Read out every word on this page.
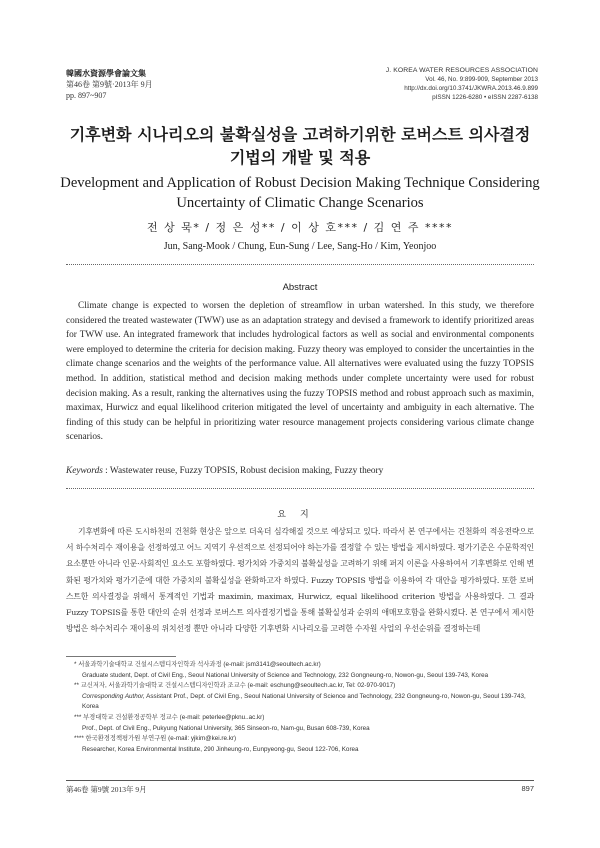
韓國水資源學會論文集
第46卷 第9號·2013年 9月
pp. 897~907
J. KOREA WATER RESOURCES ASSOCIATION
Vol. 46, No. 9:899-909, September 2013
http://dx.doi.org/10.3741/JKWRA.2013.46.9.899
pISSN 1226-6280 • eISSN 2287-6138
기후변화 시나리오의 불확실성을 고려하기위한 로버스트 의사결정
기법의 개발 및 적용
Development and Application of Robust Decision Making Technique Considering
Uncertainty of Climatic Change Scenarios
전 상 묵* / 정 은 성** / 이 상 호*** / 김 연 주 ****
Jun, Sang-Mook / Chung, Eun-Sung / Lee, Sang-Ho / Kim, Yeonjoo
Abstract
Climate change is expected to worsen the depletion of streamflow in urban watershed. In this study, we therefore considered the treated wastewater (TWW) use as an adaptation strategy and devised a framework to identify prioritized areas for TWW use. An integrated framework that includes hydrological factors as well as social and environmental components were employed to determine the criteria for decision making. Fuzzy theory was employed to consider the uncertainties in the climate change scenarios and the weights of the performance value. All alternatives were evaluated using the fuzzy TOPSIS method. In addition, statistical method and decision making methods under complete uncertainty were used for robust decision making. As a result, ranking the alternatives using the fuzzy TOPSIS method and robust approach such as maximin, maximax, Hurwicz and equal likelihood criterion mitigated the level of uncertainty and ambiguity in each alternative. The finding of this study can be helpful in prioritizing water resource management projects considering various climate change scenarios.
Keywords : Wastewater reuse, Fuzzy TOPSIS, Robust decision making, Fuzzy theory
요지
기후변화에 따른 도시하천의 건천화 현상은 앞으로 더욱더 심각해질 것으로 예상되고 있다. 따라서 본 연구에서는 건천화의 적응전략으로서 하수처리수 재이용을 선정하였고 어느 지역기 우선적으로 선정되어야 하는가를 결정할 수 있는 방법을 제시하였다. 평가기준은 수문학적인 요소뿐만 아니라 인문·사회적인 요소도 포함하였다. 평가치와 가중치의 불확실성을 고려하기 위해 퍼지 이론을 사용하여서 기후변화로 인해 변화된 평가치와 평가기준에 대한 가중치의 불확실성을 완화하고자 하였다. Fuzzy TOPSIS 방법을 이용하여 각 대안을 평가하였다. 또한 로버스트한 의사결정을 위해서 통계적인 기법과 maximin, maximax, Hurwicz, equal likelihood criterion 방법을 사용하였다. 그 결과 Fuzzy TOPSIS를 통한 대안의 순위 선정과 로버스트 의사결정기법을 통해 불확실성과 순위의 애매모호함을 완화시켰다. 본 연구에서 제시한 방법은 하수처리수 재이용의 위치선정 뿐만 아니라 다양한 기후변화 시나리오를 고려한 수자원 사업의 우선순위를 결정하는데
* 서울과학기술대학교 건설시스템디자인학과 석사과정 (e-mail: jsm3141@seoultech.ac.kr)
Graduate student, Dept. of Civil Eng., Seoul National University of Science and Technology, 232 Gongneung-ro, Nowon-gu, Seoul 139-743, Korea
** 교신저자, 서울과학기술대학교 건설시스템디자인학과 조교수 (e-mail: eschung@seoultech.ac.kr, Tel: 02-970-9017)
Corresponding Author, Assistant Prof., Dept. of Civil Eng., Seoul National University of Science and Technology, 232 Gongneung-ro, Nowon-gu, Seoul 139-743, Korea
*** 부경대학교 건설환경공학부 정교수 (e-mail: peterlee@pknu..ac.kr)
Prof., Dept. of Civil Eng., Pukyung National University, 365 Sinseon-ro, Nam-gu, Busan 608-739, Korea
**** 한국환경정책평가원 부연구원 (e-mail: yjkim@kei.re.kr)
Researcher, Korea Environmental Institute, 290 Jinheung-ro, Eunpyeong-gu, Seoul 122-706, Korea
第46卷 第9號 2013年 9月	897
